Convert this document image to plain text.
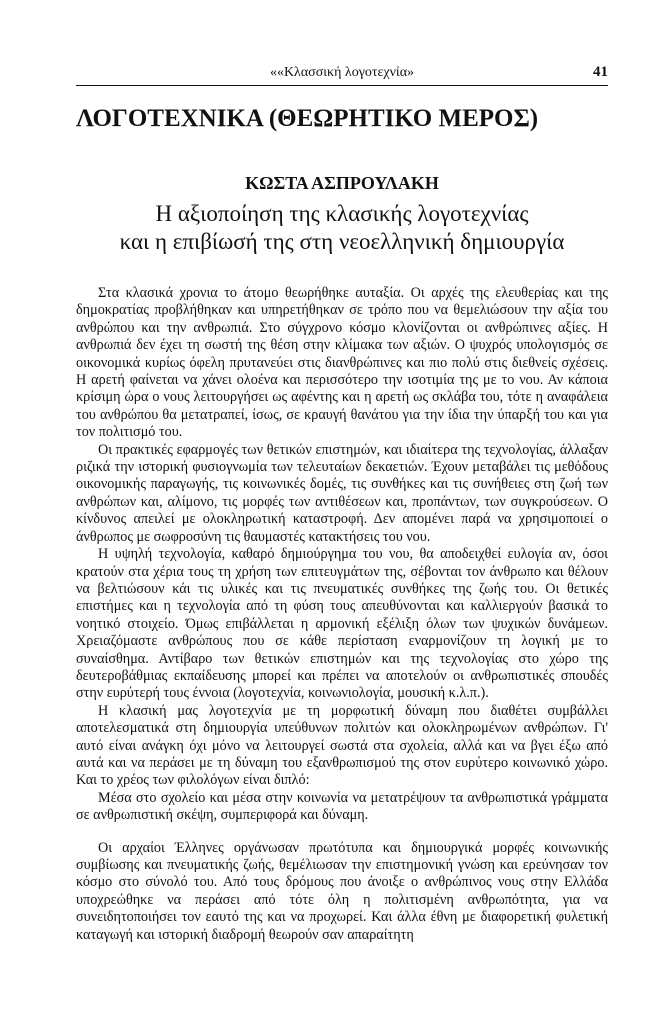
««Κλασσική λογοτεχνία»	41
ΛΟΓΟΤΕΧΝΙΚΑ (ΘΕΩΡΗΤΙΚΟ ΜΕΡΟΣ)
ΚΩΣΤΑ ΑΣΠΡΟΥΛΑΚΗ
Η αξιοποίηση της κλασικής λογοτεχνίας
και η επιβίωσή της στη νεοελληνική δημιουργία

Στα κλασικά χρονια το άτομο θεωρήθηκε αυταξία. Οι αρχές της ελευθερίας και της δημοκρατίας προβλήθηκαν και υπηρετήθηκαν σε τρόπο που να θεμελιώσουν την αξία του ανθρώπου και την ανθρωπιά. Στο σύγχρονο κόσμο κλονίζονται οι ανθρώπινες αξίες. Η ανθρωπιά δεν έχει τη σωστή της θέση στην κλίμακα των αξιών. Ο ψυχρός υπολογισμός σε οικονομικά κυρίως όφελη πρυτανεύει στις διανθρώπινες και πιο πολύ στις διεθνείς σχέσεις. Η αρετή φαίνεται να χάνει ολοένα και περισσότερο την ισοτιμία της με το νου. Αν κάποια κρίσιμη ώρα ο νους λειτουργήσει ως αφέντης και η αρετή ως σκλάβα του, τότε η αναφάλεια του ανθρώπου θα μετατραπεί, ίσως, σε κραυγή θανάτου για την ίδια την ύπαρξή του και για τον πολιτισμό του.

Οι πρακτικές εφαρμογές των θετικών επιστημών, και ιδιαίτερα της τεχνολογίας, άλλαξαν ριζικά την ιστορική φυσιογνωμία των τελευταίων δεκαετιών. Έχουν μεταβάλει τις μεθόδους οικονομικής παραγωγής, τις κοινωνικές δομές, τις συνθήκες και τις συνήθειες στη ζωή των ανθρώπων και, αλίμονο, τις μορφές των αντιθέσεων και, προπάντων, των συγκρούσεων. Ο κίνδυνος απειλεί με ολοκληρωτική καταστροφή. Δεν απομένει παρά να χρησιμοποιεί ο άνθρωπος με σωφροσύνη τις θαυμαστές κατακτήσεις του νου.

Η υψηλή τεχνολογία, καθαρό δημιούργημα του νου, θα αποδειχθεί ευλογία αν, όσοι κρατούν στα χέρια τους τη χρήση των επιτευγμάτων της, σέβονται τον άνθρωπο και θέλουν να βελτιώσουν κάι τις υλικές και τις πνευματικές συνθήκες της ζωής του. Οι θετικές επιστήμες και η τεχνολογία από τη φύση τους απευθύνονται και καλλιεργούν βασικά το νοητικό στοιχείο. Όμως επιβάλλεται η αρμονική εξέλιξη όλων των ψυχικών δυνάμεων. Χρειαζόμαστε ανθρώπους που σε κάθε περίσταση εναρμονίζουν τη λογική με το συναίσθημα. Αντίβαρο των θετικών επιστημών και της τεχνολογίας στο χώρο της δευτεροβάθμιας εκπαίδευσης μπορεί και πρέπει να αποτελούν οι ανθρωπιστικές σπουδές στην ευρύτερή τους έννοια (λογοτεχνία, κοινωνιολογία, μουσική κ.λ.π.).

Η κλασική μας λογοτεχνία με τη μορφωτική δύναμη που διαθέτει συμβάλλει αποτελεσματικά στη δημιουργία υπεύθυνων πολιτών και ολοκληρωμένων ανθρώπων. Γι' αυτό είναι ανάγκη όχι μόνο να λειτουργεί σωστά στα σχολεία, αλλά και να βγει έξω από αυτά και να περάσει με τη δύναμη του εξανθρωπισμού της στον ευρύτερο κοινωνικό χώρο. Και το χρέος των φιλολόγων είναι διπλό:

Μέσα στο σχολείο και μέσα στην κοινωνία να μετατρέψουν τα ανθρωπιστικά γράμματα σε ανθρωπιστική σκέψη, συμπεριφορά και δύναμη.

Οι αρχαίοι Έλληνες οργάνωσαν πρωτότυπα και δημιουργικά μορφές κοινωνικής συμβίωσης και πνευματικής ζωής, θεμέλιωσαν την επιστημονική γνώση και ερεύνησαν τον κόσμο στο σύνολό του. Από τους δρόμους που άνοιξε ο ανθρώπινος νους στην Ελλάδα υποχρεώθηκε να περάσει από τότε όλη η πολιτισμένη ανθρωπότητα, για να συνειδητοποιήσει τον εαυτό της και να προχωρεί. Και άλλα έθνη με διαφορετική φυλετική καταγωγή και ιστορική διαδρομή θεωρούν σαν απαραίτητη
